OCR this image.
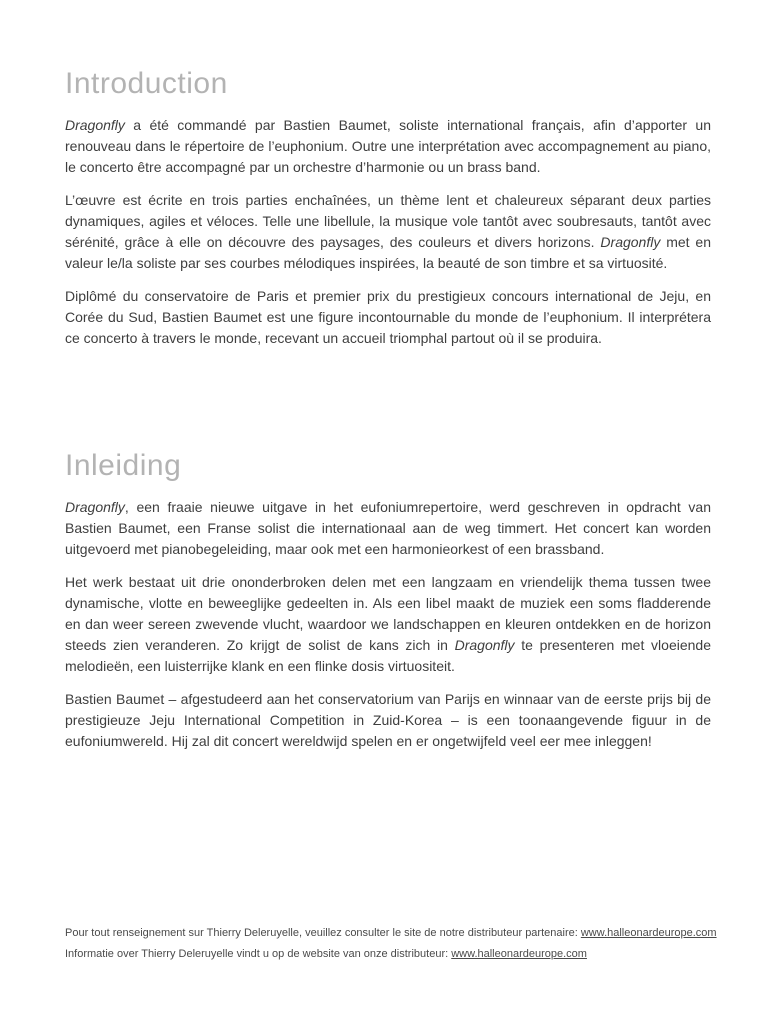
Introduction

Dragonfly a été commandé par Bastien Baumet, soliste international français, afin d’apporter un renouveau dans le répertoire de l’euphonium. Outre une interprétation avec accompagnement au piano, le concerto être accompagné par un orchestre d’harmonie ou un brass band.

L’œuvre est écrite en trois parties enchaînées, un thème lent et chaleureux séparant deux parties dynamiques, agiles et véloces. Telle une libellule, la musique vole tantôt avec soubresauts, tantôt avec sérénité, grâce à elle on découvre des paysages, des couleurs et divers horizons. Dragonfly met en valeur le/la soliste par ses courbes mélodiques inspirées, la beauté de son timbre et sa virtuosité.

Diplômé du conservatoire de Paris et premier prix du prestigieux concours international de Jeju, en Corée du Sud, Bastien Baumet est une figure incontournable du monde de l’euphonium. Il interprétera ce concerto à travers le monde, recevant un accueil triomphal partout où il se produira.

Inleiding

Dragonfly, een fraaie nieuwe uitgave in het eufoniumrepertoire, werd geschreven in opdracht van Bastien Baumet, een Franse solist die internationaal aan de weg timmert. Het concert kan worden uitgevoerd met pianobegeleiding, maar ook met een harmonieorkest of een brassband.

Het werk bestaat uit drie ononderbroken delen met een langzaam en vriendelijk thema tussen twee dynamische, vlotte en beweeglijke gedeelten in. Als een libel maakt de muziek een soms fladderende en dan weer sereen zwevende vlucht, waardoor we landschappen en kleuren ontdekken en de horizon steeds zien veranderen. Zo krijgt de solist de kans zich in Dragonfly te presenteren met vloeiende melodieën, een luisterrijke klank en een flinke dosis virtuositeit.

Bastien Baumet – afgestudeerd aan het conservatorium van Parijs en winnaar van de eerste prijs bij de prestigieuze Jeju International Competition in Zuid-Korea – is een toonaangevende figuur in de eufoniumwereld. Hij zal dit concert wereldwijd spelen en er ongetwijfeld veel eer mee inleggen!

Pour tout renseignement sur Thierry Deleruyelle, veuillez consulter le site de notre distributeur partenaire: www.halleonardeurope.com
Informatie over Thierry Deleruyelle vindt u op de website van onze distributeur: www.halleonardeurope.com
